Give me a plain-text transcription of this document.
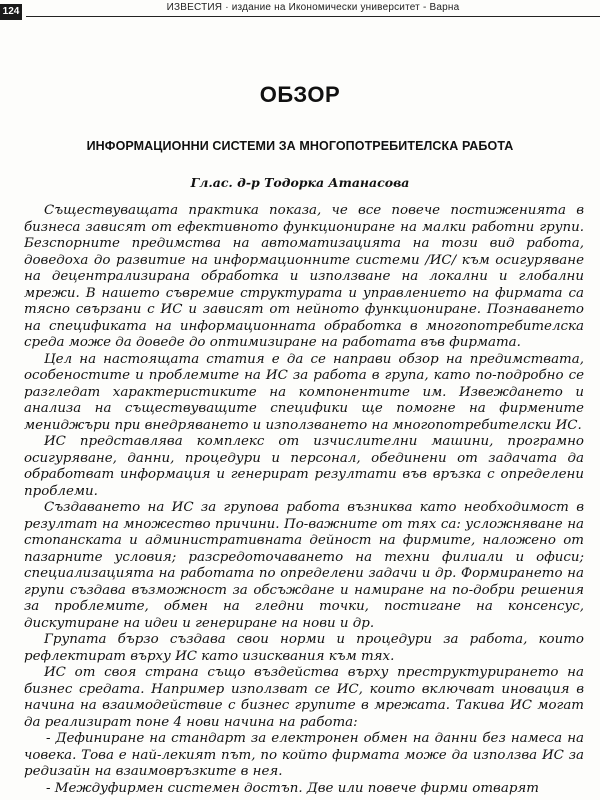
124	ИЗВЕСТИЯ · издание на Икономически университет - Варна
ОБЗОР
ИНФОРМАЦИОННИ СИСТЕМИ ЗА МНОГОПОТРЕБИТЕЛСКА РАБОТА
Гл.ас. д-р Тодорка Атанасова

Съществуващата практика показа, че все повече постиженията в бизнеса зависят от ефективното функциониране на малки работни групи. Безспорните предимства на автоматизацията на този вид работа, доведоха до развитие на информационните системи /ИС/ към осигуряване на децентрализирана обработка и използване на локални и глобални мрежи. В нашето съвремие структурата и управлението на фирмата са тясно свързани с ИС и зависят от нейното функциониране. Познаването на спецификата на информационната обработка в многопотребителска среда може да доведе до оптимизиране на работата във фирмата.

Цел на настоящата статия е да се направи обзор на предимствата, особеностите и проблемите на ИС за работа в група, като по-подробно се разгледат характеристиките на компонентите им. Извеждането и анализа на съществуващите специфики ще помогне на фирмените мениджъри при внедряването и използването на многопотребителски ИС.

ИС представлява комплекс от изчислителни машини, програмно осигуряване, данни, процедури и персонал, обединени от задачата да обработват информация и генерират резултати във връзка с определени проблеми.

Създаването на ИС за групова работа възниква като необходимост в резултат на множество причини. По-важните от тях са: усложняване на стопанската и административната дейност на фирмите, наложено от пазарните условия; разсредоточаването на техни филиали и офиси; специализацията на работата по определени задачи и др. Формирането на групи създава възможност за обсъждане и намиране на по-добри решения за проблемите, обмен на гледни точки, постигане на консенсус, дискутиране на идеи и генериране на нови и др.

Групата бързо създава свои норми и процедури за работа, които рефлектират върху ИС като изисквания към тях.

ИС от своя страна също въздейства върху преструктурирането на бизнес средата. Например използват се ИС, които включват иновация в начина на взаимодействие с бизнес групите в мрежата. Такива ИС могат да реализират поне 4 нови начина на работа:

- Дефиниране на стандарт за електронен обмен на данни без намеса на човека. Това е най-лекият път, по който фирмата може да използва ИС за редизайн на взаимовръзките в нея.

- Междуфирмен системен достъп. Две или повече фирми отварят
